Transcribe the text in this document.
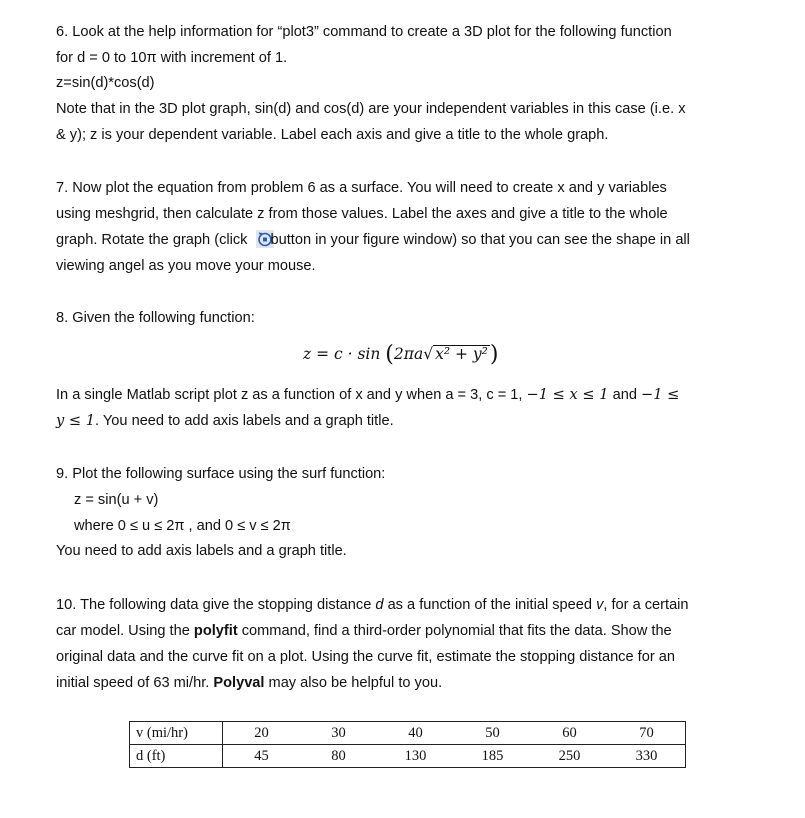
6. Look at the help information for “plot3” command to create a 3D plot for the following function
for d = 0 to 10π with increment of 1.
z=sin(d)*cos(d)
Note that in the 3D plot graph, sin(d) and cos(d) are your independent variables in this case (i.e. x
& y); z is your dependent variable. Label each axis and give a title to the whole graph.
7. Now plot the equation from problem 6 as a surface. You will need to create x and y variables
using meshgrid, then calculate z from those values. Label the axes and give a title to the whole
graph. Rotate the graph (click button in your figure window) so that you can see the shape in all
viewing angel as you move your mouse.
8. Given the following function:
z = c · sin (2πa√ x² + y²)
In a single Matlab script plot z as a function of x and y when a = 3, c = 1, −1 ≤ x ≤ 1 and −1 ≤
y ≤ 1. You need to add axis labels and a graph title.
9. Plot the following surface using the surf function:
z = sin(u + v)
where 0 ≤ u ≤ 2π , and 0 ≤ v ≤ 2π
You need to add axis labels and a graph title.
10. The following data give the stopping distance d as a function of the initial speed v, for a certain
car model. Using the polyfit command, find a third-order polynomial that fits the data. Show the
original data and the curve fit on a plot. Using the curve fit, estimate the stopping distance for an
initial speed of 63 mi/hr. Polyval may also be helpful to you.
v (mi/hr)	20	30	40	50	60	70
d (ft)	45	80	130	185	250	330
